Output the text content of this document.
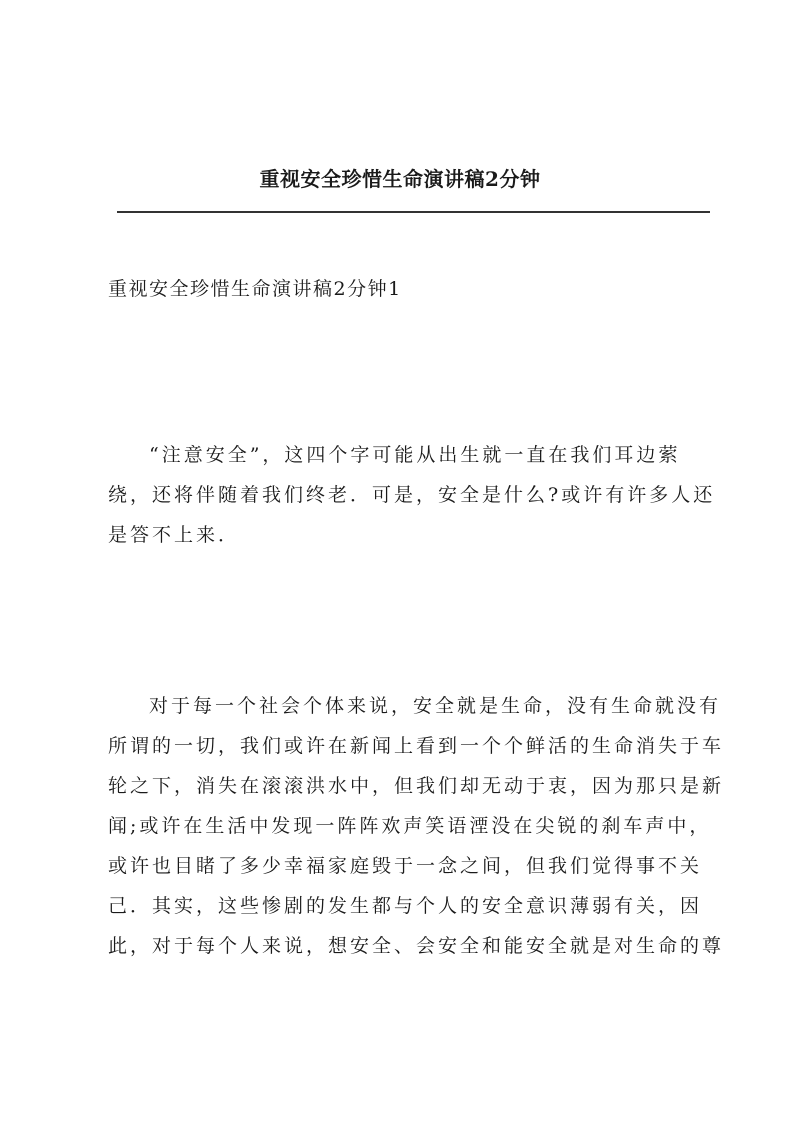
重视安全珍惜生命演讲稿2分钟
重视安全珍惜生命演讲稿2分钟1
“注意安全”，这四个字可能从出生就一直在我们耳边萦
绕，还将伴随着我们终老．可是，安全是什么?或许有许多人还
是答不上来．
对于每一个社会个体来说，安全就是生命，没有生命就没有
所谓的一切，我们或许在新闻上看到一个个鲜活的生命消失于车
轮之下，消失在滚滚洪水中，但我们却无动于衷，因为那只是新
闻;或许在生活中发现一阵阵欢声笑语湮没在尖锐的刹车声中，
或许也目睹了多少幸福家庭毁于一念之间，但我们觉得事不关
己．其实，这些惨剧的发生都与个人的安全意识薄弱有关，因
此，对于每个人来说，想安全、会安全和能安全就是对生命的尊
